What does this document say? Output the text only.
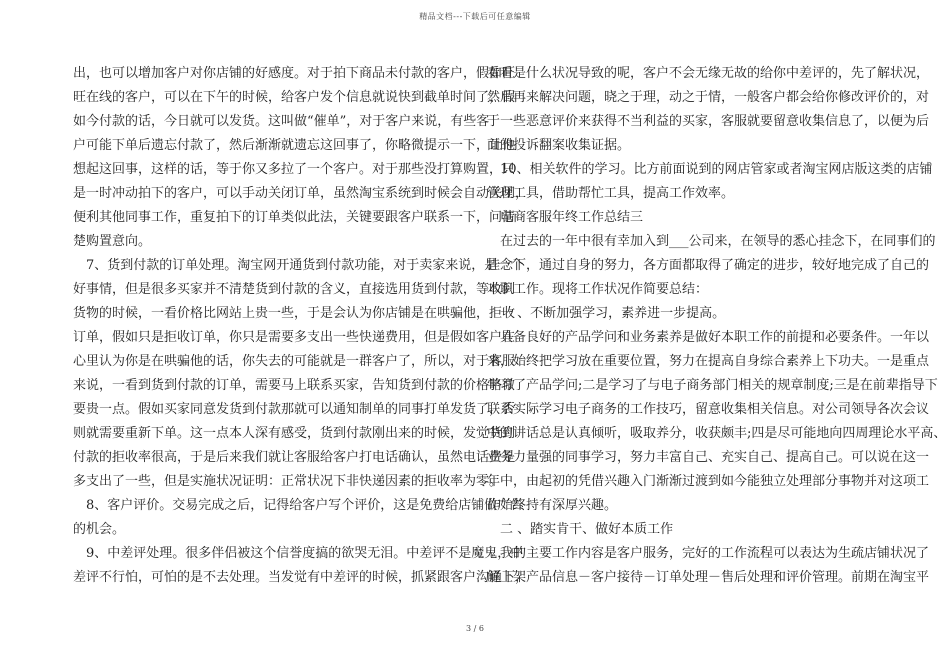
精品文档---下载后可任意编辑
出，也可以增加客户对你店铺的好感度。对于拍下商品未付款的客户，假如旺
旺在线的客户，可以在下午的时候，给客户发个信息就说快到截单时间了，假
如今付款的话，今日就可以发货。这叫做“催单”，对于客户来说，有些客
户可能下单后遗忘付款了，然后渐渐就遗忘这回事了，你略微提示一下，让他
想起这回事，这样的话，等于你又多拉了一个客户。对于那些没打算购置，只
是一时冲动拍下的客户，可以手动关闭订单，虽然淘宝系统到时候会自动关闭，
便利其他同事工作，重复拍下的订单类似此法，关键要跟客户联系一下，问清
楚购置意向。
7、货到付款的订单处理。淘宝网开通货到付款功能，对于卖家来说，是一个
好事情，但是很多买家并不清楚货到付款的含义，直接选用货到付款，等收到
货物的时候，一看价格比网站上贵一些，于是会认为你店铺是在哄骗他，拒收
订单，假如只是拒收订单，你只是需要多支出一些快递费用，但是假如客户在
心里认为你是在哄骗他的话，你失去的可能就是一群客户了，所以，对于客服
来说，一看到货到付款的订单，需要马上联系买家，告知货到付款的价格略微
要贵一点。假如买家同意发货到付款那就可以通知制单的同事打单发货了，否
则就需要重新下单。这一点本人深有感受，货到付款刚出来的时候，发觉货到
付款的拒收率很高，于是后来我们就让客服给客户打电话确认，虽然电话费是
多支出了一些，但是实施状况证明：正常状况下非快递因素的拒收率为零。
8、客户评价。交易完成之后，记得给客户写个评价，这是免费给店铺做广告
的机会。
9、中差评处理。很多伴侣被这个信誉度搞的欲哭无泪。中差评不是魔鬼，中
差评不行怕，可怕的是不去处理。当发觉有中差评的时候，抓紧跟客户沟通下，
看看是什么状况导致的呢，客户不会无缘无故的给你中差评的，先了解状况，
然后再来解决问题，晓之于理，动之于情，一般客户都会给你修改评价的，对
于一些恶意评价来获得不当利益的买家，客服就要留意收集信息了，以便为后
面的投诉翻案收集证据。
10、相关软件的学习。比方前面说到的网店管家或者淘宝网店版这类的店铺
管理工具，借助帮忙工具，提高工作效率。
电商客服年终工作总结三
在过去的一年中很有幸加入到___公司来，在领导的悉心挂念下，在同事们的
挂念下，通过自身的努力，各方面都取得了确定的进步，较好地完成了自己的
本职工作。现将工作状况作简要总结：
一 、不断加强学习，素养进一步提高。
具备良好的产品学问和业务素养是做好本职工作的前提和必要条件。一年以
来，始终把学习放在重要位置，努力在提高自身综合素养上下功夫。一是重点
学习了产品学问;二是学习了与电子商务部门相关的规章制度;三是在前辈指导下
联系实际学习电子商务的工作技巧，留意收集相关信息。对公司领导各次会议
中的讲话总是认真倾听，吸取养分，收获颇丰;四是尽可能地向四周理论水平高、
业务力量强的同事学习，努力丰富自己、充实自己、提高自己。可以说在这一
年中，由起初的凭借兴趣入门渐渐过渡到如今能独立处理部分事物并对这项工
作始终持有深厚兴趣。
二 、踏实肯干、做好本质工作
我的主要工作内容是客户服务，完好的工作流程可以表达为生疏店铺状况了
解上架产品信息－客户接待－订单处理－售后处理和评价管理。前期在淘宝平
3 / 6
